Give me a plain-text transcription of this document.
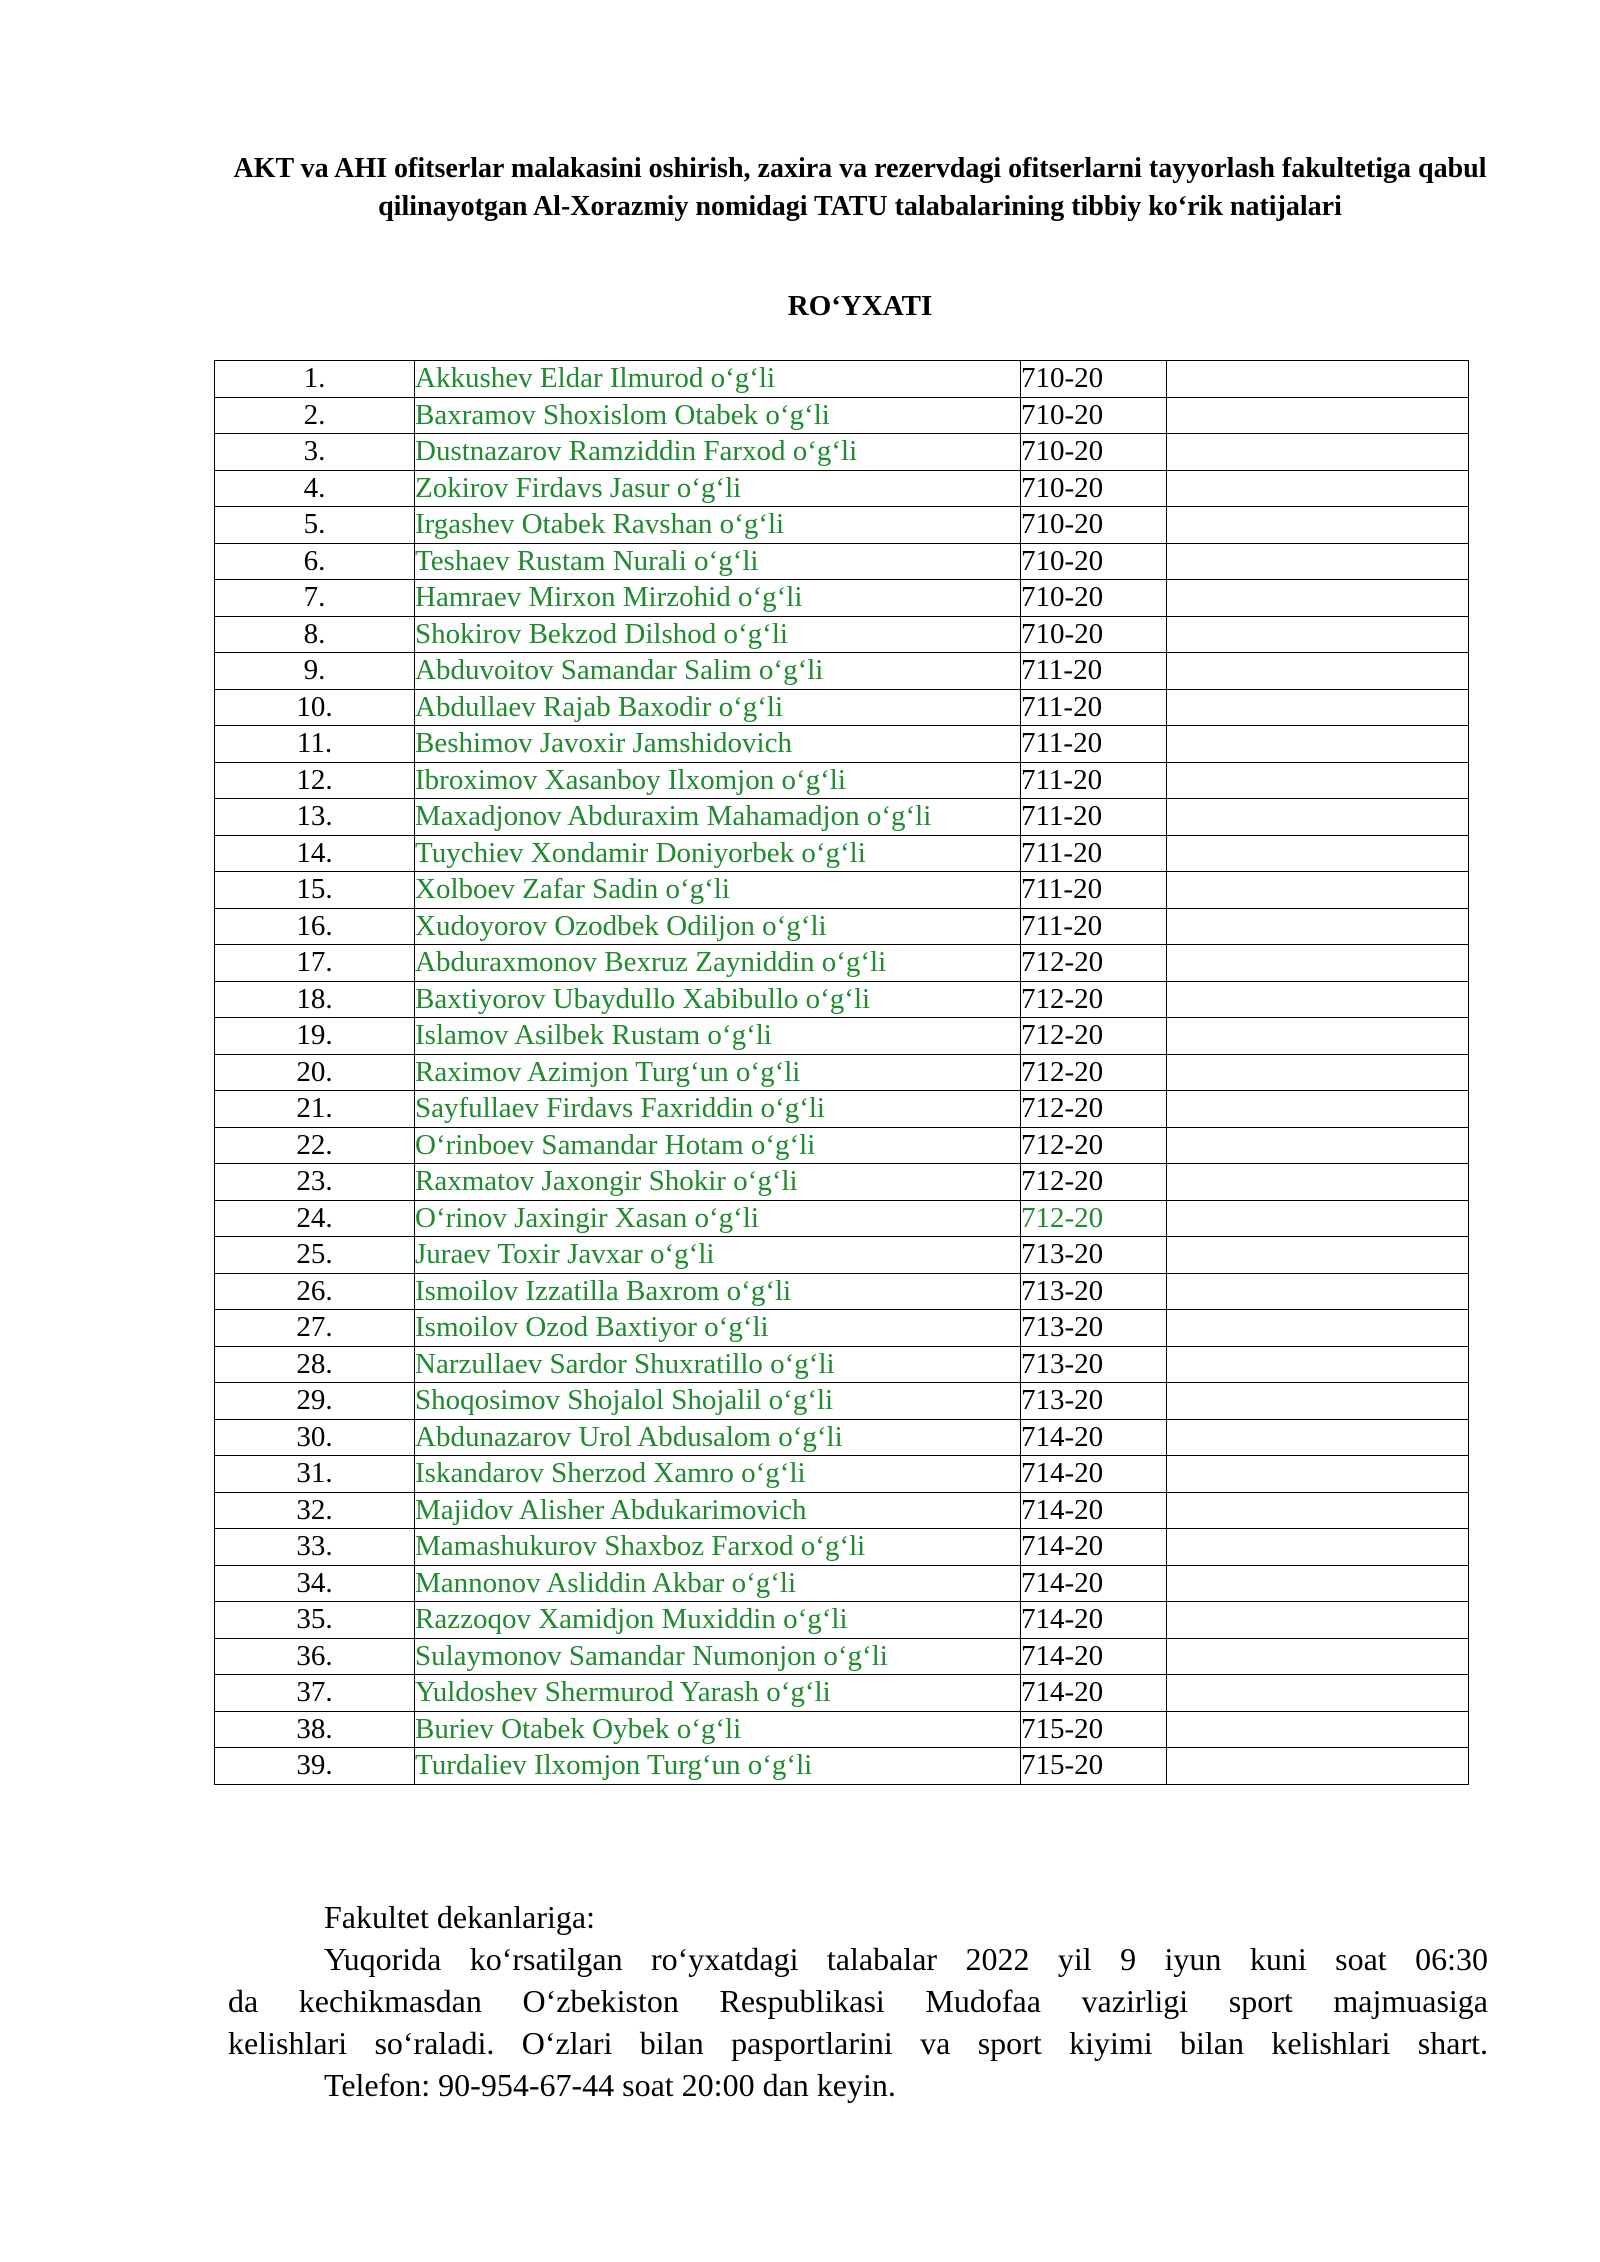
AKT va AHI ofitserlar malakasini oshirish, zaxira va rezervdagi ofitserlarni tayyorlash fakultetiga qabul qilinayotgan Al-Xorazmiy nomidagi TATU talabalarining tibbiy koʻrik natijalari
ROʻYXATI
1.	Akkushev Eldar Ilmurod oʻgʻli	710-20	
2.	Baxramov Shoxislom Otabek oʻgʻli	710-20	
3.	Dustnazarov Ramziddin Farxod oʻgʻli	710-20	
4.	Zokirov Firdavs Jasur oʻgʻli	710-20	
5.	Irgashev Otabek Ravshan oʻgʻli	710-20	
6.	Teshaev Rustam Nurali oʻgʻli	710-20	
7.	Hamraev Mirxon Mirzohid oʻgʻli	710-20	
8.	Shokirov Bekzod Dilshod oʻgʻli	710-20	
9.	Abduvoitov Samandar Salim oʻgʻli	711-20	
10.	Abdullaev Rajab Baxodir oʻgʻli	711-20	
11.	Beshimov Javoxir Jamshidovich	711-20	
12.	Ibroximov Xasanboy Ilxomjon oʻgʻli	711-20	
13.	Maxadjonov Abduraxim Mahamadjon oʻgʻli	711-20	
14.	Tuychiev Xondamir Doniyorbek oʻgʻli	711-20	
15.	Xolboev Zafar Sadin oʻgʻli	711-20	
16.	Xudoyorov Ozodbek Odiljon oʻgʻli	711-20	
17.	Abduraxmonov Bexruz Zayniddin oʻgʻli	712-20	
18.	Baxtiyorov Ubaydullo Xabibullo oʻgʻli	712-20	
19.	Islamov Asilbek Rustam oʻgʻli	712-20	
20.	Raximov Azimjon Turgʻun oʻgʻli	712-20	
21.	Sayfullaev Firdavs Faxriddin oʻgʻli	712-20	
22.	Oʻrinboev Samandar Hotam oʻgʻli	712-20	
23.	Raxmatov Jaxongir Shokir oʻgʻli	712-20	
24.	Oʻrinov Jaxingir Xasan oʻgʻli	712-20	
25.	Juraev Toxir Javxar oʻgʻli	713-20	
26.	Ismoilov Izzatilla Baxrom oʻgʻli	713-20	
27.	Ismoilov Ozod Baxtiyor oʻgʻli	713-20	
28.	Narzullaev Sardor Shuxratillo oʻgʻli	713-20	
29.	Shoqosimov Shojalol Shojalil oʻgʻli	713-20	
30.	Abdunazarov Urol Abdusalom oʻgʻli	714-20	
31.	Iskandarov Sherzod Xamro oʻgʻli	714-20	
32.	Majidov Alisher Abdukarimovich	714-20	
33.	Mamashukurov Shaxboz Farxod oʻgʻli	714-20	
34.	Mannonov Asliddin Akbar oʻgʻli	714-20	
35.	Razzoqov Xamidjon Muxiddin oʻgʻli	714-20	
36.	Sulaymonov Samandar Numonjon oʻgʻli	714-20	
37.	Yuldoshev Shermurod Yarash oʻgʻli	714-20	
38.	Buriev Otabek Oybek oʻgʻli	715-20	
39.	Turdaliev Ilxomjon Turgʻun oʻgʻli	715-20	
Fakultet dekanlariga:
Yuqorida koʻrsatilgan roʻyxatdagi talabalar 2022 yil 9 iyun kuni soat 06:30
da kechikmasdan Oʻzbekiston Respublikasi Mudofaa vazirligi sport majmuasiga
kelishlari soʻraladi. Oʻzlari bilan pasportlarini va sport kiyimi bilan kelishlari shart.
Telefon: 90-954-67-44 soat 20:00 dan keyin.
